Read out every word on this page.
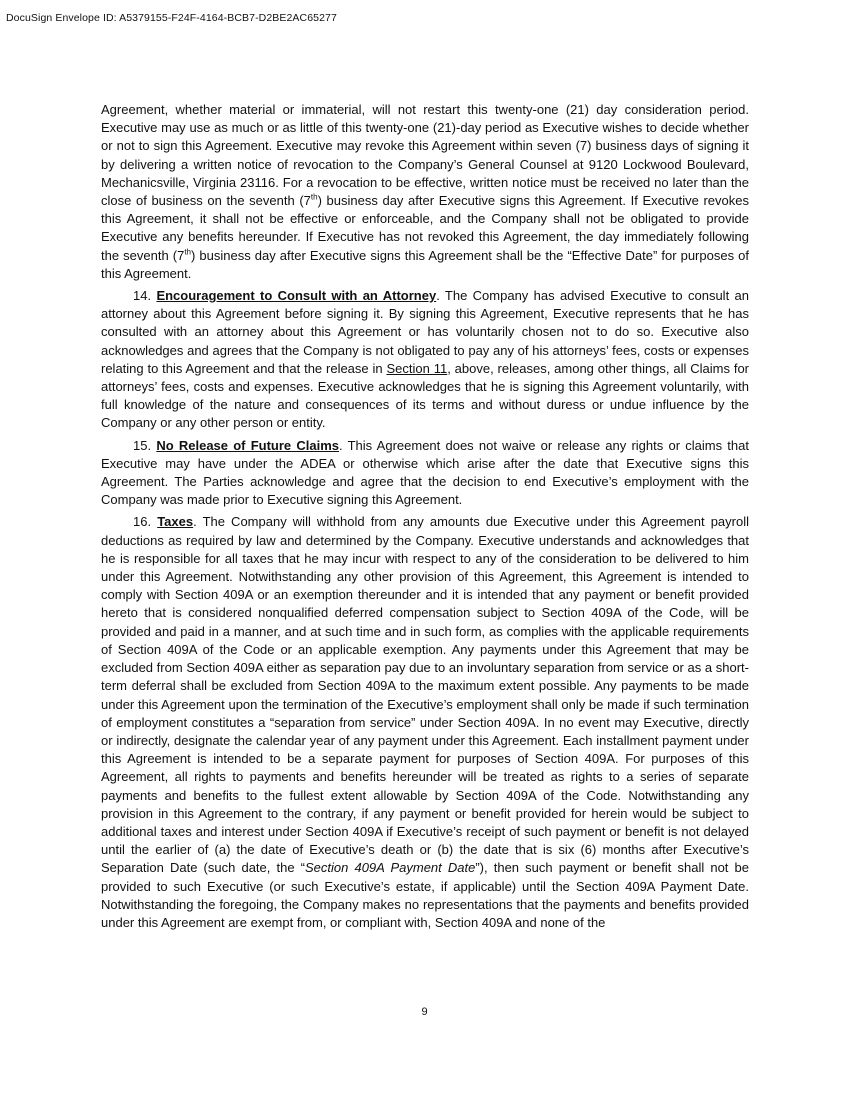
DocuSign Envelope ID: A5379155-F24F-4164-BCB7-D2BE2AC65277

Agreement, whether material or immaterial, will not restart this twenty-one (21) day consideration period. Executive may use as much or as little of this twenty-one (21)-day period as Executive wishes to decide whether or not to sign this Agreement. Executive may revoke this Agreement within seven (7) business days of signing it by delivering a written notice of revocation to the Company’s General Counsel at 9120 Lockwood Boulevard, Mechanicsville, Virginia 23116. For a revocation to be effective, written notice must be received no later than the close of business on the seventh (7th) business day after Executive signs this Agreement. If Executive revokes this Agreement, it shall not be effective or enforceable, and the Company shall not be obligated to provide Executive any benefits hereunder. If Executive has not revoked this Agreement, the day immediately following the seventh (7th) business day after Executive signs this Agreement shall be the “Effective Date” for purposes of this Agreement.

14. Encouragement to Consult with an Attorney. The Company has advised Executive to consult an attorney about this Agreement before signing it. By signing this Agreement, Executive represents that he has consulted with an attorney about this Agreement or has voluntarily chosen not to do so. Executive also acknowledges and agrees that the Company is not obligated to pay any of his attorneys’ fees, costs or expenses relating to this Agreement and that the release in Section 11, above, releases, among other things, all Claims for attorneys’ fees, costs and expenses. Executive acknowledges that he is signing this Agreement voluntarily, with full knowledge of the nature and consequences of its terms and without duress or undue influence by the Company or any other person or entity.

15. No Release of Future Claims. This Agreement does not waive or release any rights or claims that Executive may have under the ADEA or otherwise which arise after the date that Executive signs this Agreement. The Parties acknowledge and agree that the decision to end Executive’s employment with the Company was made prior to Executive signing this Agreement.

16. Taxes. The Company will withhold from any amounts due Executive under this Agreement payroll deductions as required by law and determined by the Company. Executive understands and acknowledges that he is responsible for all taxes that he may incur with respect to any of the consideration to be delivered to him under this Agreement. Notwithstanding any other provision of this Agreement, this Agreement is intended to comply with Section 409A or an exemption thereunder and it is intended that any payment or benefit provided hereto that is considered nonqualified deferred compensation subject to Section 409A of the Code, will be provided and paid in a manner, and at such time and in such form, as complies with the applicable requirements of Section 409A of the Code or an applicable exemption. Any payments under this Agreement that may be excluded from Section 409A either as separation pay due to an involuntary separation from service or as a short-term deferral shall be excluded from Section 409A to the maximum extent possible. Any payments to be made under this Agreement upon the termination of the Executive’s employment shall only be made if such termination of employment constitutes a “separation from service” under Section 409A. In no event may Executive, directly or indirectly, designate the calendar year of any payment under this Agreement. Each installment payment under this Agreement is intended to be a separate payment for purposes of Section 409A. For purposes of this Agreement, all rights to payments and benefits hereunder will be treated as rights to a series of separate payments and benefits to the fullest extent allowable by Section 409A of the Code. Notwithstanding any provision in this Agreement to the contrary, if any payment or benefit provided for herein would be subject to additional taxes and interest under Section 409A if Executive’s receipt of such payment or benefit is not delayed until the earlier of (a) the date of Executive’s death or (b) the date that is six (6) months after Executive’s Separation Date (such date, the “Section 409A Payment Date”), then such payment or benefit shall not be provided to such Executive (or such Executive’s estate, if applicable) until the Section 409A Payment Date. Notwithstanding the foregoing, the Company makes no representations that the payments and benefits provided under this Agreement are exempt from, or compliant with, Section 409A and none of the

9
